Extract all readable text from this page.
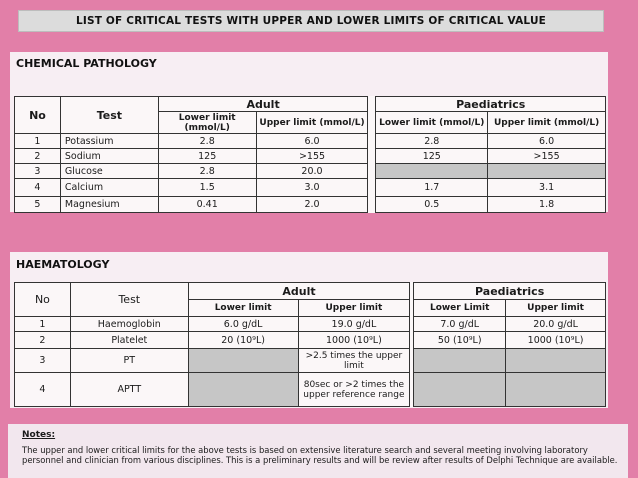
LIST OF CRITICAL TESTS WITH UPPER AND LOWER LIMITS OF CRITICAL VALUE
CHEMICAL PATHOLOGY
No	Test	Adult			Paediatrics	
		Lower limit (mmol/L)	Upper limit (mmol/L)		Lower limit (mmol/L)	Upper limit (mmol/L)
1	Potassium	2.8	6.0		2.8	6.0
2	Sodium	125	>155		125	>155
3	Glucose	2.8	20.0			
4	Calcium	1.5	3.0		1.7	3.1
5	Magnesium	0.41	2.0		0.5	1.8
HAEMATOLOGY
No	Test	Adult			Paediatrics	
		Lower limit	Upper limit		Lower Limit	Upper limit
1	Haemoglobin	6.0 g/dL	19.0 g/dL		7.0 g/dL	20.0 g/dL
2	Platelet	20 (10⁹L)	1000 (10⁹L)		50 (10⁹L)	1000 (10⁹L)
3	PT		>2.5 times the upper limit			
4	APTT		80sec or >2 times the upper reference range			
Notes:
The upper and lower critical limits for the above tests is based on extensive literature search and several meeting involving laboratory personnel and clinician from various disciplines. This is a preliminary results and will be review after results of Delphi Technique are available.
